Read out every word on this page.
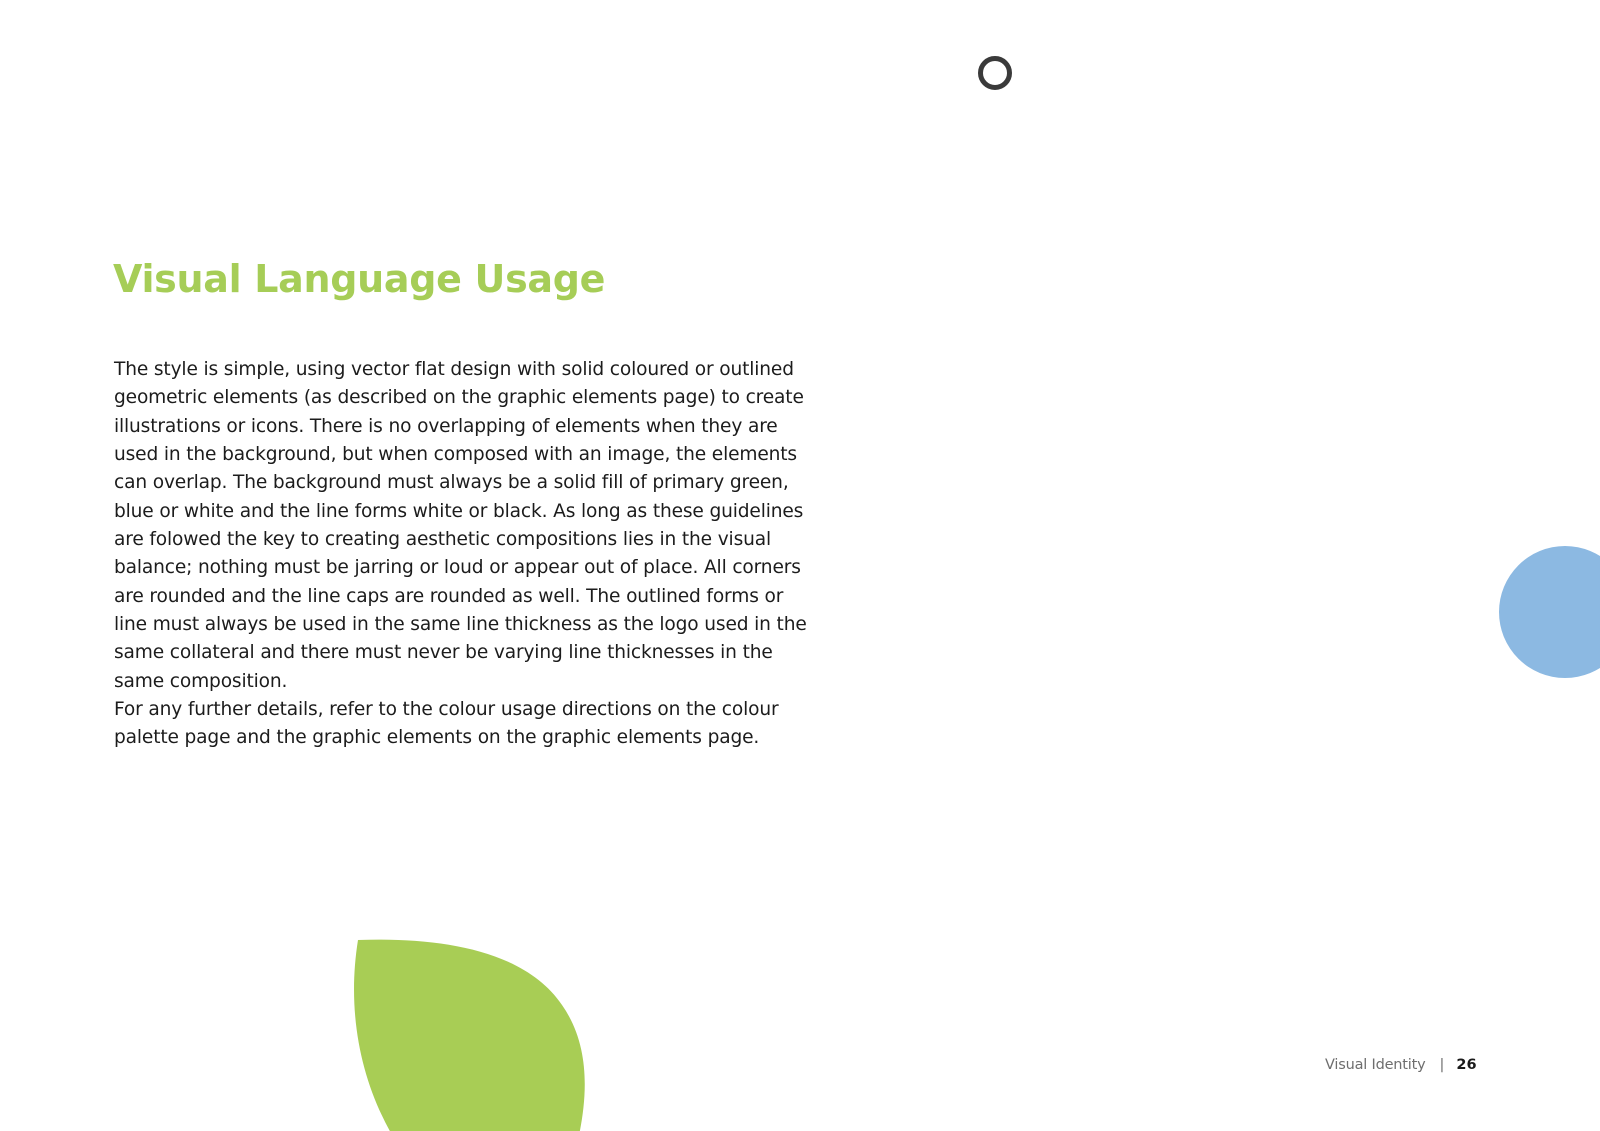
Visual Language Usage
The style is simple, using vector flat design with solid coloured or outlined
geometric elements (as described on the graphic elements page) to create
illustrations or icons. There is no overlapping of elements when they are
used in the background, but when composed with an image, the elements
can overlap. The background must always be a solid fill of primary green,
blue or white and the line forms white or black. As long as these guidelines
are folowed the key to creating aesthetic compositions lies in the visual
balance; nothing must be jarring or loud or appear out of place. All corners
are rounded and the line caps are rounded as well. The outlined forms or
line must always be used in the same line thickness as the logo used in the
same collateral and there must never be varying line thicknesses in the
same composition.
For any further details, refer to the colour usage directions on the colour
palette page and the graphic elements on the graphic elements page.
Visual Identity | 26
